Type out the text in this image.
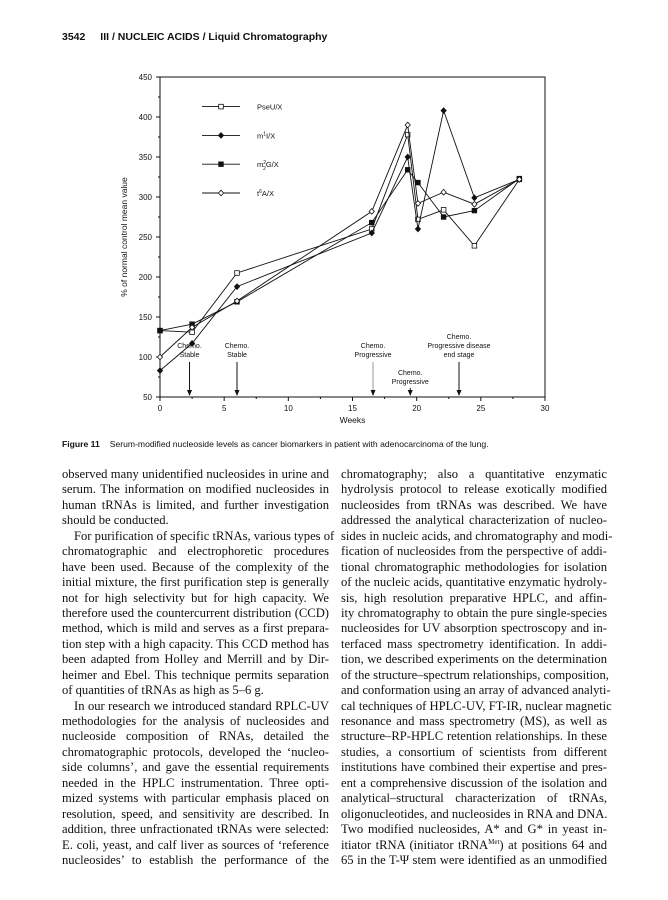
3542 III / NUCLEIC ACIDS / Liquid Chromatography
50
100
150
200
250
300
350
400
450
0	5	10	15	20	25	30
Weeks
% of normal control mean value
PseU/X
$m^1I/X$
$m^2$ 2G/X
$t^6A/X$
Chemo.
Stable
Chemo.
Stable
Chemo.
Progressive
Chemo.
Progressive
Chemo.
Progressive disease
end stage
Figure 11 Serum-modified nucleoside levels as cancer biomarkers in patient with adenocarcinoma of the lung.
observed many unidentified nucleosides in urine and
serum. The information on modified nucleosides in
human tRNAs is limited, and further investigation
should be conducted.
For purification of specific tRNAs, various types of
chromatographic and electrophoretic procedures
have been used. Because of the complexity of the
initial mixture, the first purification step is generally
not for high selectivity but for high capacity. We
therefore used the countercurrent distribution (CCD)
method, which is mild and serves as a first prepara-
tion step with a high capacity. This CCD method has
been adapted from Holley and Merrill and by Dir-
heimer and Ebel. This technique permits separation
of quantities of tRNAs as high as 5–6 g.
In our research we introduced standard RPLC-UV
methodologies for the analysis of nucleosides and
nucleoside composition of RNAs, detailed the
chromatographic protocols, developed the ‘nucleo-
side columns’, and gave the essential requirements
needed in the HPLC instrumentation. Three opti-
mized systems with particular emphasis placed on
resolution, speed, and sensitivity are described. In
addition, three unfractionated tRNAs were selected:
E. coli, yeast, and calf liver as sources of ‘reference
nucleosides’ to establish the performance of the
chromatography; also a quantitative enzymatic
hydrolysis protocol to release exotically modified
nucleosides from tRNAs was described. We have
addressed the analytical characterization of nucleo-
sides in nucleic acids, and chromatography and modi-
fication of nucleosides from the perspective of addi-
tional chromatographic methodologies for isolation
of the nucleic acids, quantitative enzymatic hydroly-
sis, high resolution preparative HPLC, and affin-
ity chromatography to obtain the pure single-species
nucleosides for UV absorption spectroscopy and in-
terfaced mass spectrometry identification. In addi-
tion, we described experiments on the determination
of the structure–spectrum relationships, composition,
and conformation using an array of advanced analyti-
cal techniques of HPLC-UV, FT-IR, nuclear magnetic
resonance and mass spectrometry (MS), as well as
structure–RP-HPLC retention relationships. In these
studies, a consortium of scientists from different
institutions have combined their expertise and pres-
ent a comprehensive discussion of the isolation and
analytical–structural characterization of tRNAs,
oligonucleotides, and nucleosides in RNA and DNA.
Two modified nucleosides, A* and G* in yeast in-
itiator tRNA (initiator tRNA$^{Met}$) at positions 64 and
65 in the T-Ψ stem were identified as an unmodified
